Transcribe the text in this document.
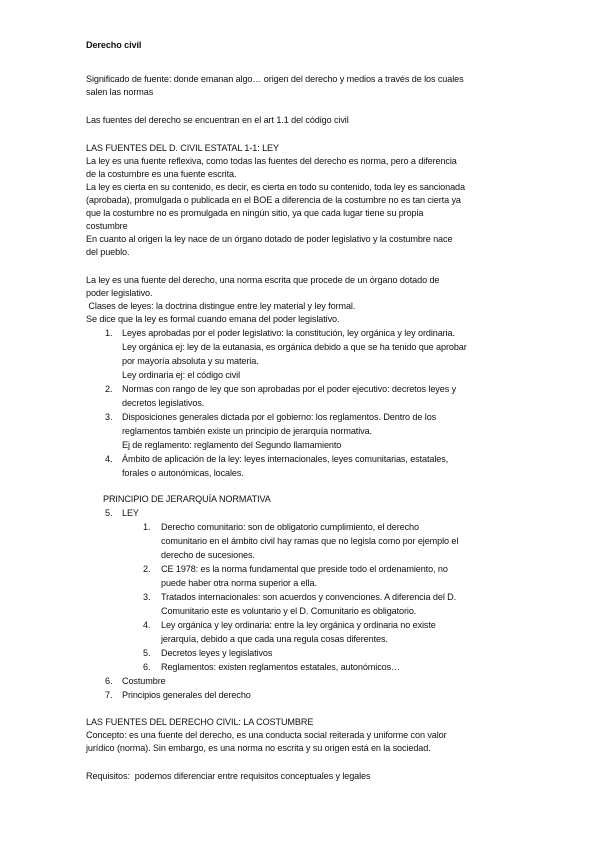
Derecho civil
Significado de fuente: donde emanan algo… origen del derecho y medios a través de los cuales
salen las normas
Las fuentes del derecho se encuentran en el art 1.1 del código civil
LAS FUENTES DEL D. CIVIL ESTATAL 1-1: LEY
La ley es una fuente reflexiva, como todas las fuentes del derecho es norma, pero a diferencia
de la costumbre es una fuente escrita.
La ley es cierta en su contenido, es decir, es cierta en todo su contenido, toda ley es sancionada
(aprobada), promulgada o publicada en el BOE a diferencia de la costumbre no es tan cierta ya
que la costumbre no es promulgada en ningún sitio, ya que cada lugar tiene su propia
costumbre
En cuanto al origen la ley nace de un órgano dotado de poder legislativo y la costumbre nace
del pueblo.
La ley es una fuente del derecho, una norma escrita que procede de un órgano dotado de
poder legislativo.
Clases de leyes: la doctrina distingue entre ley material y ley formal.
Se dice que la ley es formal cuando emana del poder legislativo.
1. Leyes aprobadas por el poder legislativo: la constitución, ley orgánica y ley ordinaria.
Ley orgánica ej: ley de la eutanasia, es orgánica debido a que se ha tenido que aprobar
por mayoría absoluta y su materia.
Ley ordinaria ej: el código civil
2. Normas con rango de ley que son aprobadas por el poder ejecutivo: decretos leyes y
decretos legislativos.
3. Disposiciones generales dictada por el gobierno: los reglamentos. Dentro de los
reglamentos también existe un principio de jerarquía normativa.
Ej de reglamento: reglamento del Segundo llamamiento
4. Ámbito de aplicación de la ley: leyes internacionales, leyes comunitarias, estatales,
forales o autonómicas, locales.
PRINCIPIO DE JERARQUÍA NORMATIVA
5. LEY
1. Derecho comunitario: son de obligatorio cumplimiento, el derecho
comunitario en el ámbito civil hay ramas que no legisla como por ejemplo el
derecho de sucesiones.
2. CE 1978: es la norma fundamental que preside todo el ordenamiento, no
puede haber otra norma superior a ella.
3. Tratados internacionales: son acuerdos y convenciones. A diferencia del D.
Comunitario este es voluntario y el D. Comunitario es obligatorio.
4. Ley orgánica y ley ordinaria: entre la ley orgánica y ordinaria no existe
jerarquía, debido a que cada una regula cosas diferentes.
5. Decretos leyes y legislativos
6. Reglamentos: existen reglamentos estatales, autonómicos…
6. Costumbre
7. Principios generales del derecho
LAS FUENTES DEL DERECHO CIVIL: LA COSTUMBRE
Concepto: es una fuente del derecho, es una conducta social reiterada y uniforme con valor
jurídico (norma). Sin embargo, es una norma no escrita y su origen está en la sociedad.
Requisitos:  podemos diferenciar entre requisitos conceptuales y legales
